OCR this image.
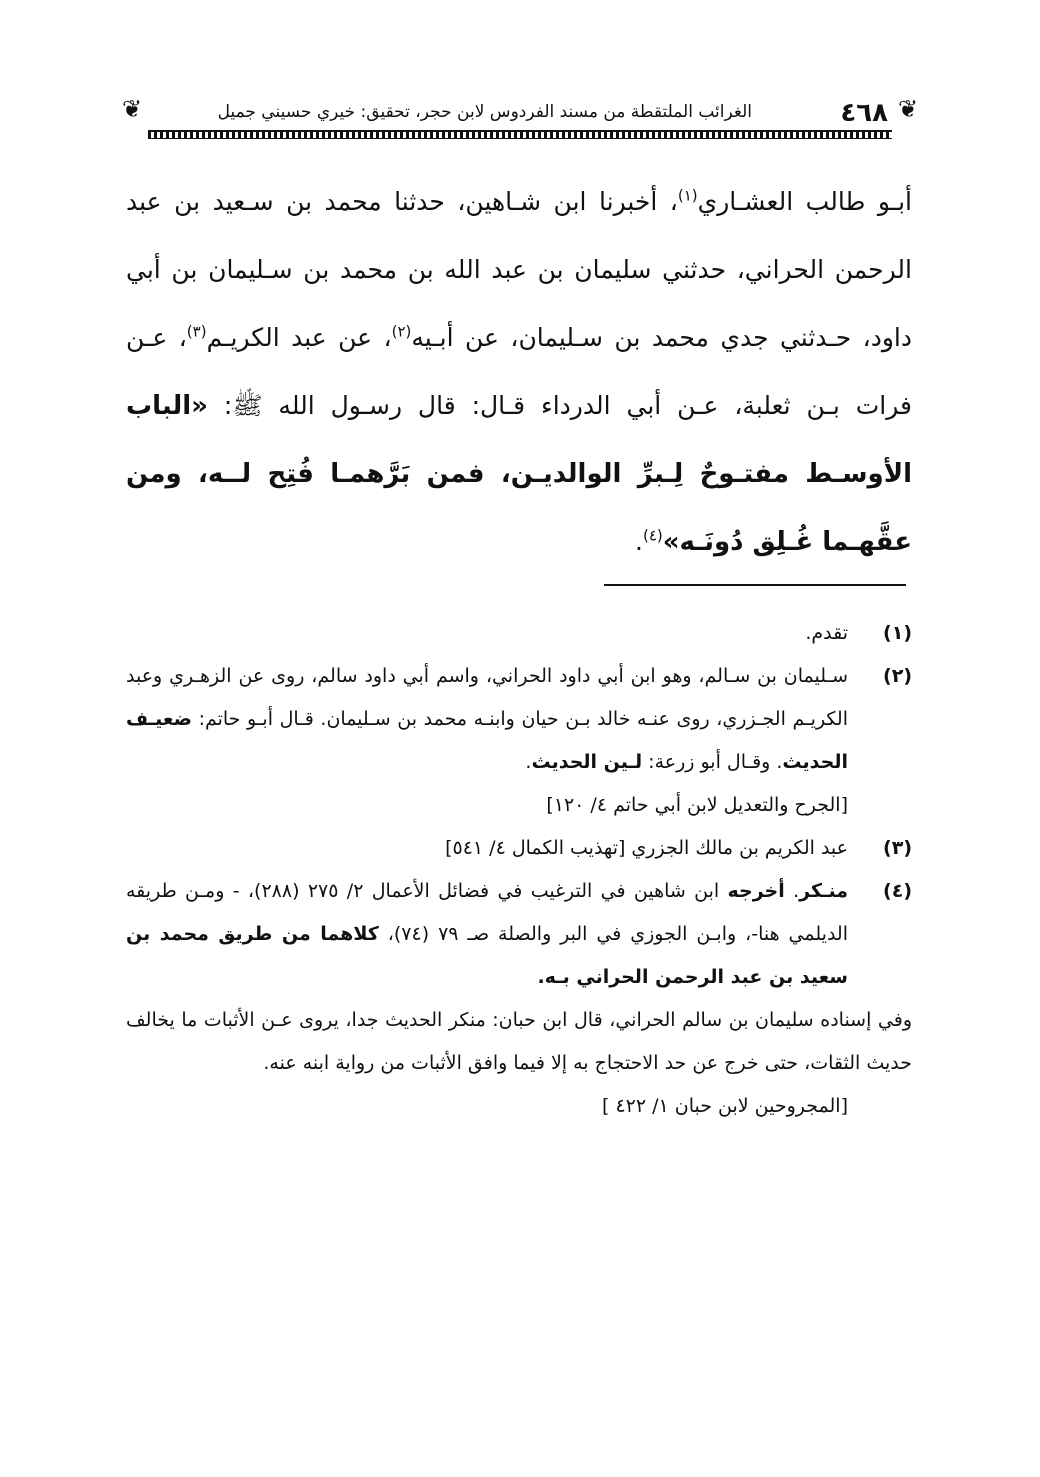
❦
٤٦٨
الغرائب الملتقطة من مسند الفردوس لابن حجر، تحقيق: خيري حسيني جميل
❦
أبـو طالب العشـاري$^{(١)}$، أخبرنا ابن شـاهين، حدثنا محمد بن سـعيد بن عبد الرحمن الحراني، حدثني سليمان بن عبد الله بن محمد بن سـليمان بن أبي داود، حـدثني جدي محمد بن سـليمان، عن أبـيه$^{(٢)}$، عن عبد الكريـم$^{(٣)}$، عـن فرات بـن ثعلبة، عـن أبي الدرداء قـال: قال رسـول الله ﷺ: «الباب الأوسـط مفتـوحٌ لِـبرِّ الوالديـن، فمن بَرَّهمـا فُتِح لــه، ومن عقَّهـما غُـلِق دُونَـه»$^{(٤)}$.
(١)
تقدم.
(٢)
سـليمان بن سـالم، وهو ابن أبي داود الحراني، واسم أبي داود سالم، روى عن الزهـري وعبد الكريـم الجـزري، روى عنـه خالد بـن حيان وابنـه محمد بن سـليمان. قـال أبـو حاتم: ضعيـف الحديث. وقـال أبو زرعة: لـين الحديث.
[الجرح والتعديل لابن أبي حاتم ٤/ ١٢٠]
(٣)
عبد الكريم بن مالك الجزري [تهذيب الكمال ٤/ ٥٤١]
(٤)
منـكر. أخرجه ابن شاهين في الترغيب في فضائل الأعمال ٢/ ٢٧٥ (٢٨٨)، - ومـن طريقه الديلمي هنا-، وابـن الجوزي في البر والصلة صـ ٧٩ (٧٤)، كلاهما من طريق محمد بن سعيد بن عبد الرحمن الحراني بـه.
وفي إسناده سليمان بن سالم الحراني، قال ابن حبان: منكر الحديث جدا، يروى عـن الأثبات ما يخالف حديث الثقات، حتى خرج عن حد الاحتجاج به إلا فيما وافق الأثبات من رواية ابنه عنه.
[المجروحين لابن حبان ١/ ٤٢٢ ]
